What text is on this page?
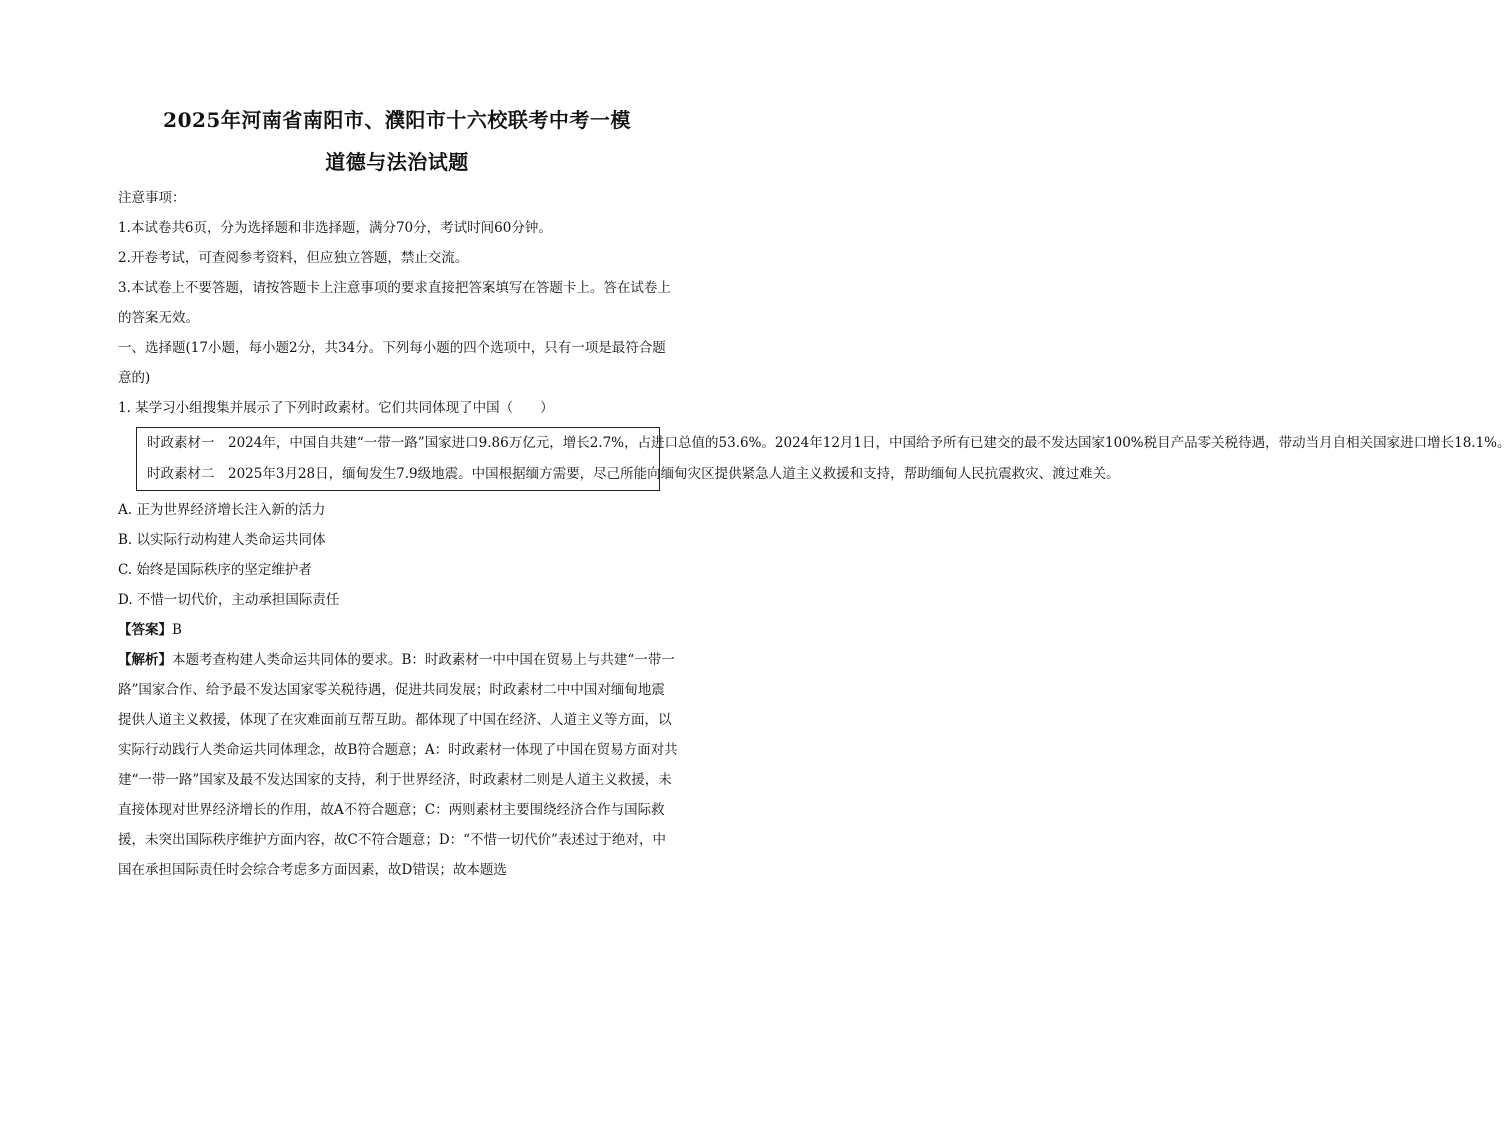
2025年河南省南阳市、濮阳市十六校联考中考一模
道德与法治试题

注意事项：

1.本试卷共6页，分为选择题和非选择题，满分70分，考试时间60分钟。

2.开卷考试，可查阅参考资料，但应独立答题，禁止交流。

3.本试卷上不要答题，请按答题卡上注意事项的要求直接把答案填写在答题卡上。答在试卷上的答案无效。

一、选择题(17小题，每小题2分，共34分。下列每小题的四个选项中，只有一项是最符合题意的)

1. 某学习小组搜集并展示了下列时政素材。它们共同体现了中国（　　）

时政素材一　 2024年，中国自共建“一带一路”国家进口9.86万亿元，增长2.7%，占进口总值的53.6%。2024年12月1日，中国给予所有已建交的最不发达国家100%税目产品零关税待遇，带动当月自相关国家进口增长18.1%。

时政素材二　 2025年3月28日，缅甸发生7.9级地震。中国根据缅方需要，尽己所能向缅甸灾区提供紧急人道主义救援和支持，帮助缅甸人民抗震救灾、渡过难关。

A. 正为世界经济增长注入新的活力

B. 以实际行动构建人类命运共同体

C. 始终是国际秩序的坚定维护者

D. 不惜一切代价，主动承担国际责任

【答案】B

【解析】本题考查构建人类命运共同体的要求。B：时政素材一中中国在贸易上与共建“一带一路”国家合作、给予最不发达国家零关税待遇，促进共同发展；时政素材二中中国对缅甸地震提供人道主义救援，体现了在灾难面前互帮互助。都体现了中国在经济、人道主义等方面，以实际行动践行人类命运共同体理念，故B符合题意；A：时政素材一体现了中国在贸易方面对共建“一带一路”国家及最不发达国家的支持，利于世界经济，时政素材二则是人道主义救援，未直接体现对世界经济增长的作用，故A不符合题意；C：两则素材主要围绕经济合作与国际救援，未突出国际秩序维护方面内容，故C不符合题意；D：“不惜一切代价”表述过于绝对，中国在承担国际责任时会综合考虑多方面因素，故D错误；故本题选
